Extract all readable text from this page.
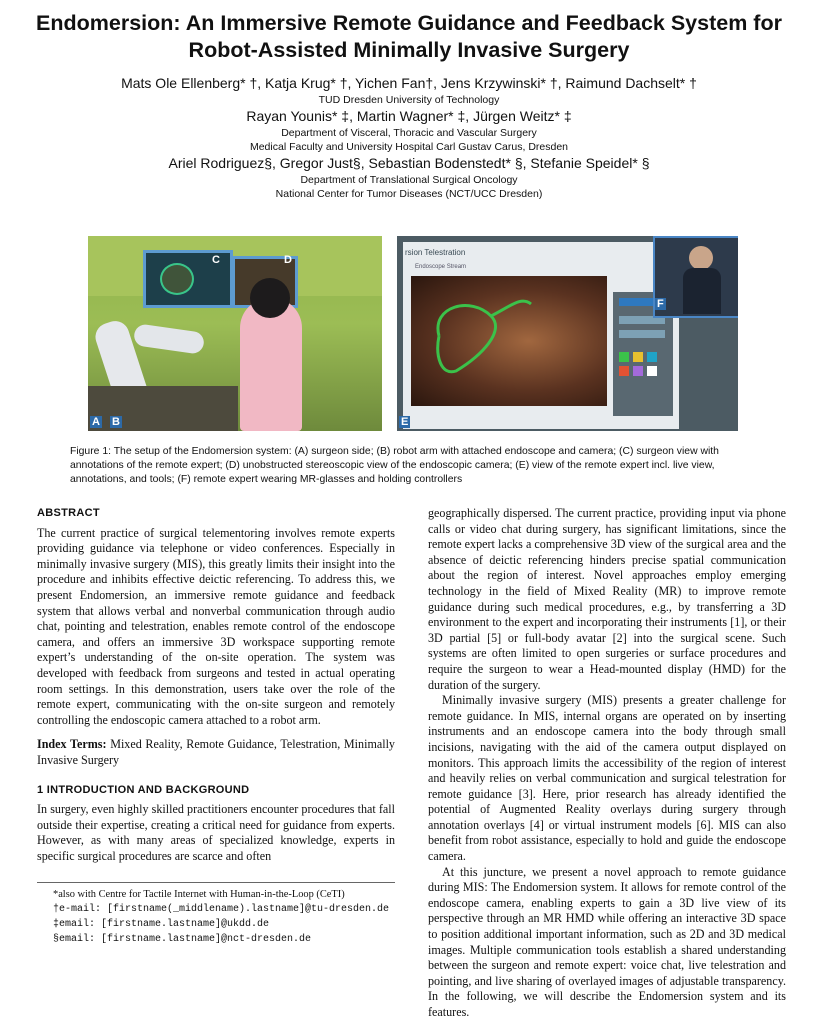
Endomersion: An Immersive Remote Guidance and Feedback System for
Robot-Assisted Minimally Invasive Surgery
Mats Ole Ellenberg* †, Katja Krug* †, Yichen Fan†, Jens Krzywinski* †, Raimund Dachselt* †
TUD Dresden University of Technology
Rayan Younis* ‡, Martin Wagner* ‡, Jürgen Weitz* ‡
Department of Visceral, Thoracic and Vascular Surgery
Medical Faculty and University Hospital Carl Gustav Carus, Dresden
Ariel Rodriguez§, Gregor Just§, Sebastian Bodenstedt* §, Stefanie Speidel* §
Department of Translational Surgical Oncology
National Center for Tumor Diseases (NCT/UCC Dresden)
C	D
A B
rsion Telestration
Endoscope Stream
F
E
Figure 1: The setup of the Endomersion system: (A) surgeon side; (B) robot arm with attached endoscope and camera; (C) surgeon view with annotations of the remote expert; (D) unobstructed stereoscopic view of the endoscopic camera; (E) view of the remote expert incl. live view, annotations, and tools; (F) remote expert wearing MR-glasses and holding controllers
ABSTRACT

The current practice of surgical telementoring involves remote experts providing guidance via telephone or video conferences. Especially in minimally invasive surgery (MIS), this greatly limits their insight into the procedure and inhibits effective deictic referencing. To address this, we present Endomersion, an immersive remote guidance and feedback system that allows verbal and nonverbal communication through audio chat, pointing and telestration, enables remote control of the endoscope camera, and offers an immersive 3D workspace supporting remote expert’s understanding of the on-site operation. The system was developed with feedback from surgeons and tested in actual operating room settings. In this demonstration, users take over the role of the remote expert, communicating with the on-site surgeon and remotely controlling the endoscopic camera attached to a robot arm.

Index Terms: Mixed Reality, Remote Guidance, Telestration, Minimally Invasive Surgery

1 INTRODUCTION AND BACKGROUND

In surgery, even highly skilled practitioners encounter procedures that fall outside their expertise, creating a critical need for guidance from experts. However, as with many areas of specialized knowledge, experts in specific surgical procedures are scarce and often

*also with Centre for Tactile Internet with Human-in-the-Loop (CeTI)
†e-mail: [firstname(_middlename).lastname]@tu-dresden.de
‡email: [firstname.lastname]@ukdd.de
§email: [firstname.lastname]@nct-dresden.de

geographically dispersed. The current practice, providing input via phone calls or video chat during surgery, has significant limitations, since the remote expert lacks a comprehensive 3D view of the surgical area and the absence of deictic referencing hinders precise spatial communication about the region of interest. Novel approaches employ emerging technology in the field of Mixed Reality (MR) to improve remote guidance during such medical procedures, e.g., by transferring a 3D environment to the expert and incorporating their instruments [1], or their 3D partial [5] or full-body avatar [2] into the surgical scene. Such systems are often limited to open surgeries or surface procedures and require the surgeon to wear a Head-mounted display (HMD) for the duration of the surgery.

Minimally invasive surgery (MIS) presents a greater challenge for remote guidance. In MIS, internal organs are operated on by inserting instruments and an endoscope camera into the body through small incisions, navigating with the aid of the camera output displayed on monitors. This approach limits the accessibility of the region of interest and heavily relies on verbal communication and surgical telestration for remote guidance [3]. Here, prior research has already identified the potential of Augmented Reality overlays during surgery through annotation overlays [4] or virtual instrument models [6]. MIS can also benefit from robot assistance, especially to hold and guide the endoscope camera.

At this juncture, we present a novel approach to remote guidance during MIS: The Endomersion system. It allows for remote control of the endoscope camera, enabling experts to gain a 3D live view of its perspective through an MR HMD while offering an interactive 3D space to position additional important information, such as 2D and 3D medical images. Multiple communication tools establish a shared understanding between the surgeon and remote expert: voice chat, live telestration and pointing, and live sharing of overlayed images of adjustable transparency. In the following, we will describe the Endomersion system and its features.
